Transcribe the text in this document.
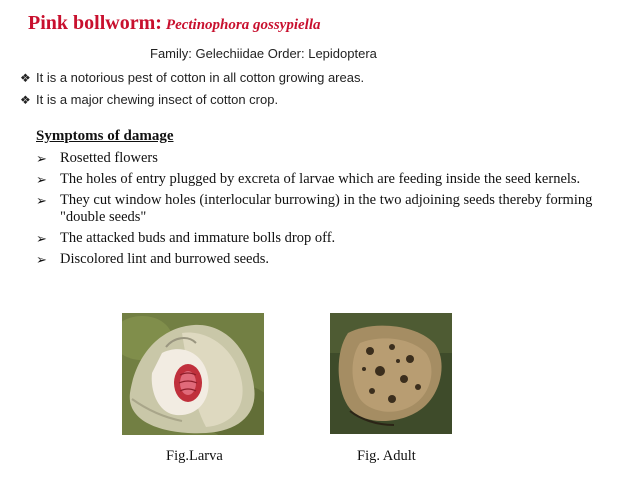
Pink bollworm: Pectinophora gossypiella
Family: Gelechiidae Order: Lepidoptera
❖ It is a notorious pest of cotton in all cotton growing areas.
❖ It is a major chewing insect of cotton crop.
Symptoms of damage
➢ Rosetted flowers
➢ The holes of entry plugged by excreta of larvae which are feeding inside the seed kernels.
➢ They cut window holes (interlocular burrowing) in the two adjoining seeds thereby forming "double seeds"
➢ The attacked buds and immature bolls drop off.
➢ Discolored lint and burrowed seeds.
Fig.Larva	Fig. Adult
